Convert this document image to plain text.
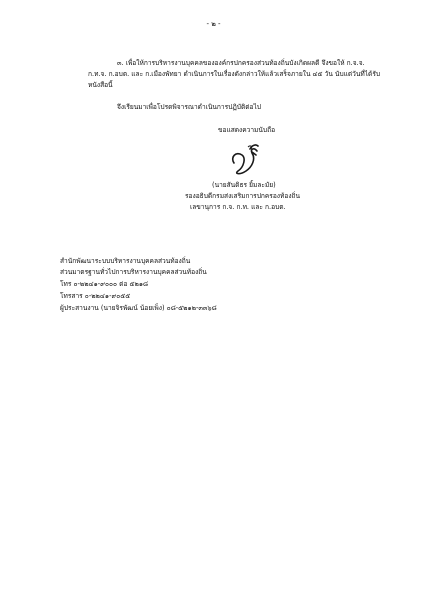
- ๒ -
๓. เพื่อให้การบริหารงานบุคคลขององค์กรปกครองส่วนท้องถิ่นบังเกิดผลดี จึงขอให้ ก.จ.จ.
ก.ท.จ. ก.อบต. และ ก.เมืองพัทยา ดำเนินการในเรื่องดังกล่าวให้แล้วเสร็จภายใน ๔๕ วัน นับแต่วันที่ได้รับ
หนังสือนี้
จึงเรียนมาเพื่อโปรดพิจารณาดำเนินการปฏิบัติต่อไป
ขอแสดงความนับถือ
(นายสันติธร ยิ้มละมัย)
รองอธิบดีกรมส่งเสริมการปกครองท้องถิ่น
เลขานุการ ก.จ. ก.ท. และ ก.อบต.
สำนักพัฒนาระบบบริหารงานบุคคลส่วนท้องถิ่น
ส่วนมาตรฐานทั่วไปการบริหารงานบุคคลส่วนท้องถิ่น
โทร ๐-๒๒๔๑-๙๐๐๐ ต่อ ๕๒๑๘
โทรสาร ๐-๒๒๔๑-๙๐๕๕
ผู้ประสานงาน (นายจิรพัฒน์ น้อยเพ็ง) ๐๘-๕๒๑๒-๓๓๖๘
